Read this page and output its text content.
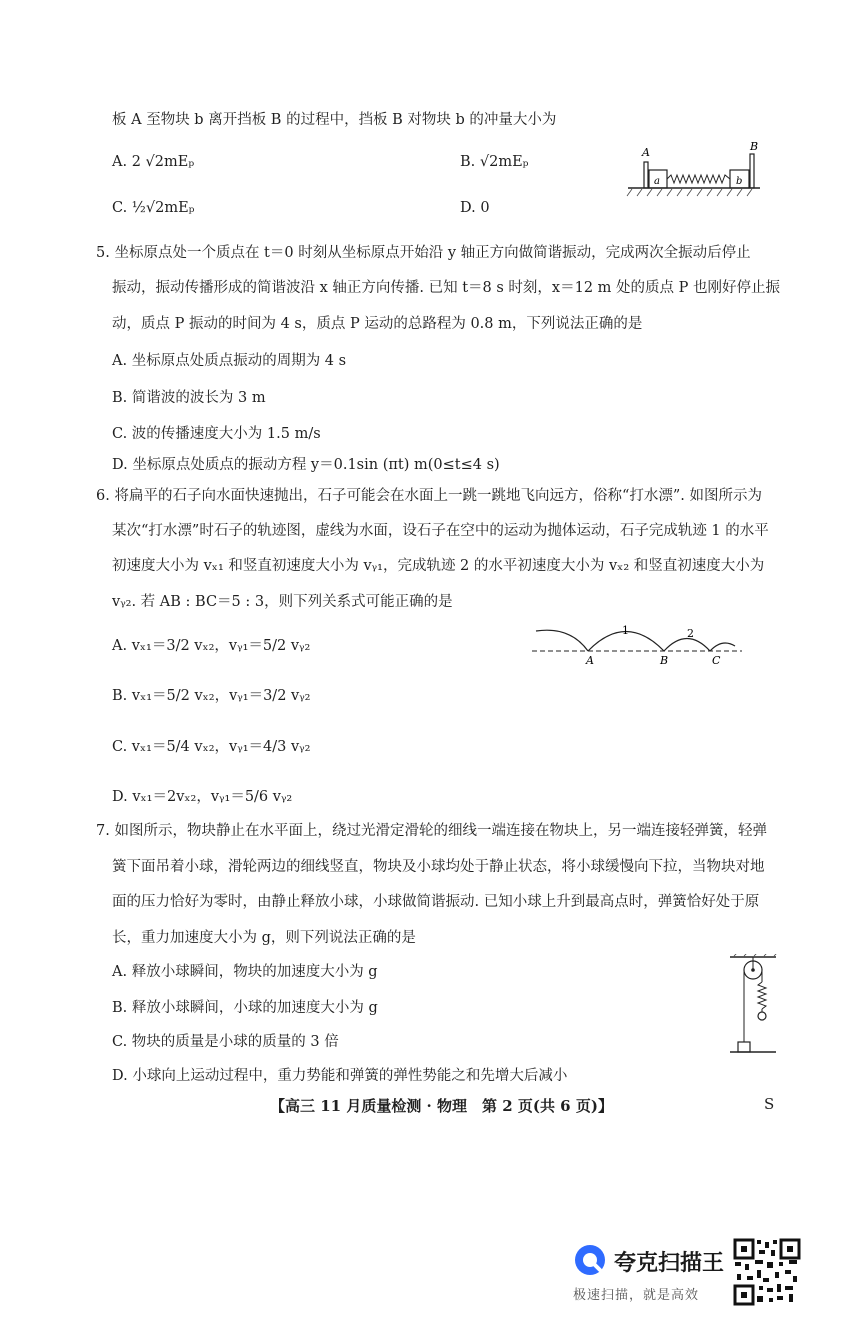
板 A 至物块 b 离开挡板 B 的过程中，挡板 B 对物块 b 的冲量大小为
A. 2 √2mEₚ	B. √2mEₚ
C. ½√2mEₚ	D. 0
A	B
a	b
5. 坐标原点处一个质点在 t＝0 时刻从坐标原点开始沿 y 轴正方向做简谐振动，完成两次全振动后停止
振动，振动传播形成的简谐波沿 x 轴正方向传播. 已知 t＝8 s 时刻，x＝12 m 处的质点 P 也刚好停止振
动，质点 P 振动的时间为 4 s，质点 P 运动的总路程为 0.8 m，下列说法正确的是
A. 坐标原点处质点振动的周期为 4 s
B. 简谐波的波长为 3 m
C. 波的传播速度大小为 1.5 m/s
D. 坐标原点处质点的振动方程 y＝0.1sin (πt) m(0≤t≤4 s)
6. 将扁平的石子向水面快速抛出，石子可能会在水面上一跳一跳地飞向远方，俗称“打水漂”. 如图所示为
某次“打水漂”时石子的轨迹图，虚线为水面，设石子在空中的运动为抛体运动，石子完成轨迹 1 的水平
初速度大小为 vₓ₁ 和竖直初速度大小为 vᵧ₁，完成轨迹 2 的水平初速度大小为 vₓ₂ 和竖直初速度大小为
vᵧ₂. 若 AB : BC＝5 : 3，则下列关系式可能正确的是
A. vₓ₁＝3/2 vₓ₂，vᵧ₁＝5/2 vᵧ₂
B. vₓ₁＝5/2 vₓ₂，vᵧ₁＝3/2 vᵧ₂
C. vₓ₁＝5/4 vₓ₂，vᵧ₁＝4/3 vᵧ₂
D. vₓ₁＝2vₓ₂，vᵧ₁＝5/6 vᵧ₂
1	2
A	B	C
7. 如图所示，物块静止在水平面上，绕过光滑定滑轮的细线一端连接在物块上，另一端连接轻弹簧，轻弹
簧下面吊着小球，滑轮两边的细线竖直，物块及小球均处于静止状态，将小球缓慢向下拉，当物块对地
面的压力恰好为零时，由静止释放小球，小球做简谐振动. 已知小球上升到最高点时，弹簧恰好处于原
长，重力加速度大小为 g，则下列说法正确的是
A. 释放小球瞬间，物块的加速度大小为 g
B. 释放小球瞬间，小球的加速度大小为 g
C. 物块的质量是小球的质量的 3 倍
D. 小球向上运动过程中，重力势能和弹簧的弹性势能之和先增大后减小
【高三 11 月质量检测 · 物理　第 2 页(共 6 页)】	S
夸克扫描王
极速扫描，就是高效
